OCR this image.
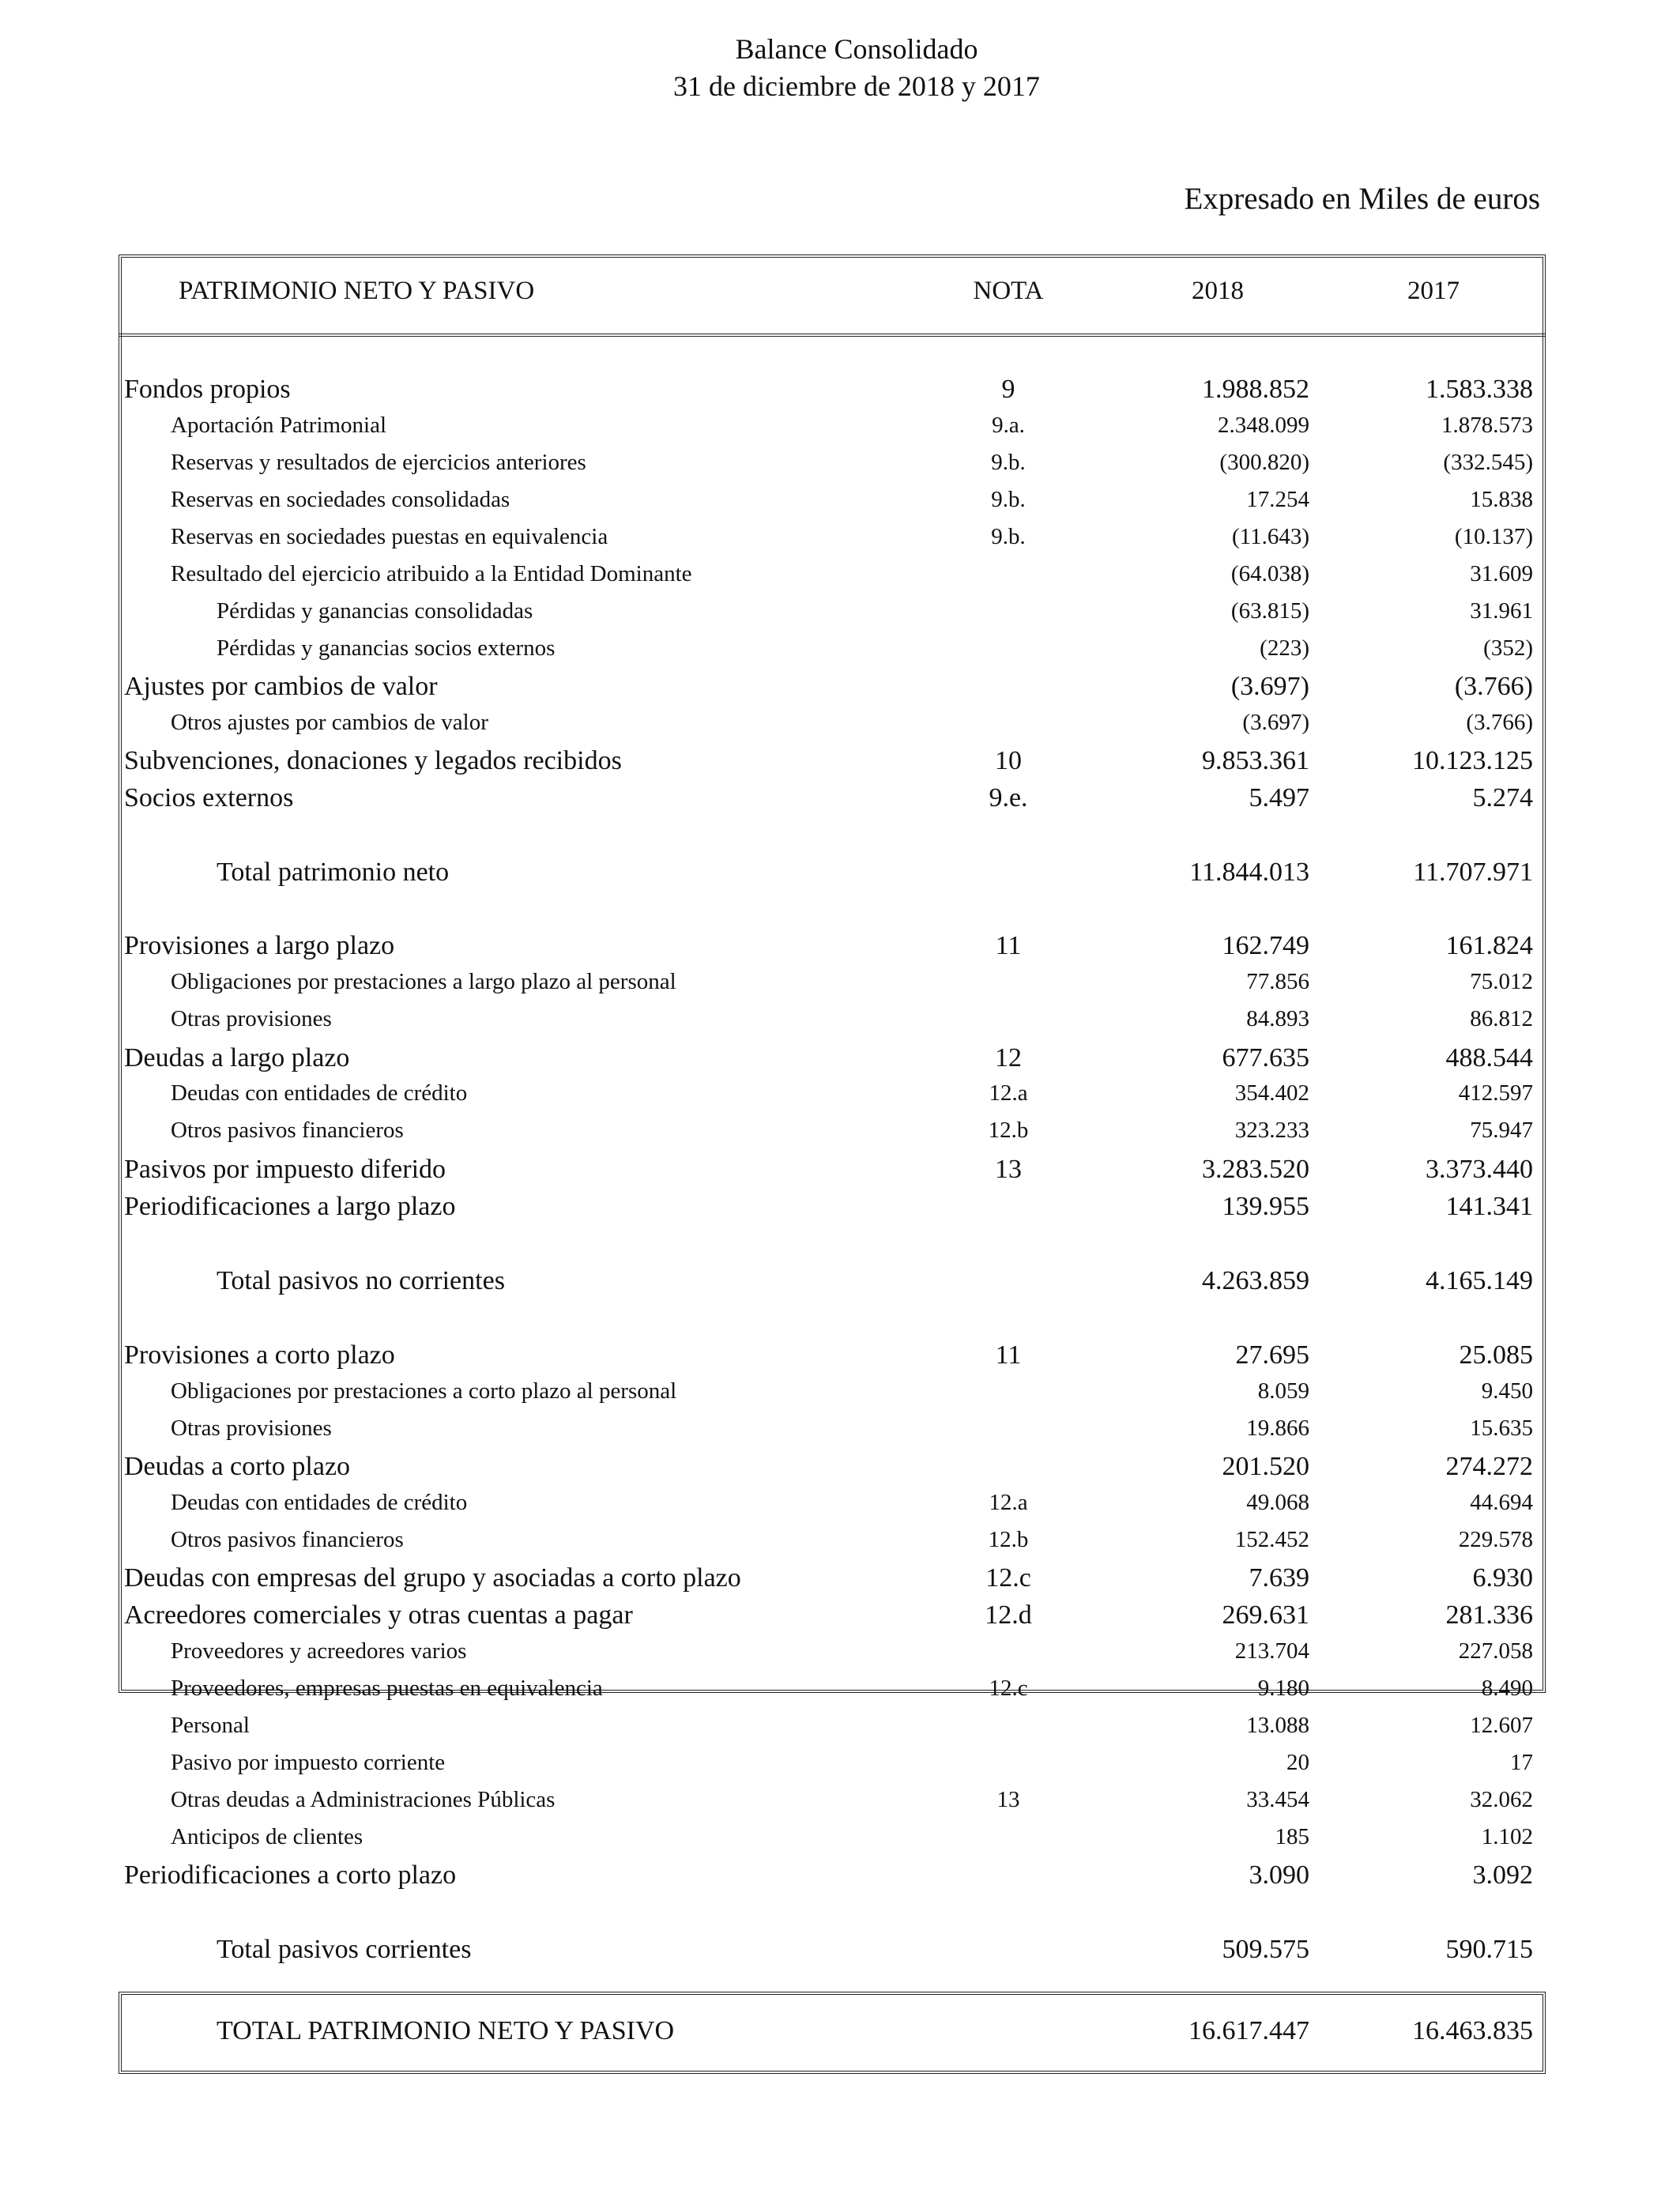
Balance Consolidado
31 de diciembre de 2018 y 2017
Expresado en Miles de euros
PATRIMONIO NETO Y PASIVO	NOTA	2018	2017
Fondos propios	9	1.988.852	1.583.338
Aportación Patrimonial	9.a.	2.348.099	1.878.573
Reservas y resultados de ejercicios anteriores	9.b.	(300.820)	(332.545)
Reservas en sociedades consolidadas	9.b.	17.254	15.838
Reservas en sociedades puestas en equivalencia	9.b.	(11.643)	(10.137)
Resultado del ejercicio atribuido a la Entidad Dominante	(64.038)	31.609
Pérdidas y ganancias consolidadas	(63.815)	31.961
Pérdidas y ganancias socios externos	(223)	(352)
Ajustes por cambios de valor	(3.697)	(3.766)
Otros ajustes por cambios de valor	(3.697)	(3.766)
Subvenciones, donaciones y legados recibidos	10	9.853.361	10.123.125
Socios externos	9.e.	5.497	5.274
Total patrimonio neto	11.844.013	11.707.971
Provisiones a largo plazo	11	162.749	161.824
Obligaciones por prestaciones a largo plazo al personal	77.856	75.012
Otras provisiones	84.893	86.812
Deudas a largo plazo	12	677.635	488.544
Deudas con entidades de crédito	12.a	354.402	412.597
Otros pasivos financieros	12.b	323.233	75.947
Pasivos por impuesto diferido	13	3.283.520	3.373.440
Periodificaciones a largo plazo	139.955	141.341
Total pasivos no corrientes	4.263.859	4.165.149
Provisiones a corto plazo	11	27.695	25.085
Obligaciones por prestaciones a corto plazo al personal	8.059	9.450
Otras provisiones	19.866	15.635
Deudas a corto plazo	201.520	274.272
Deudas con entidades de crédito	12.a	49.068	44.694
Otros pasivos financieros	12.b	152.452	229.578
Deudas con empresas del grupo y asociadas a corto plazo	12.c	7.639	6.930
Acreedores comerciales y otras cuentas a pagar	12.d	269.631	281.336
Proveedores y acreedores varios	213.704	227.058
Proveedores, empresas puestas en equivalencia	12.c	9.180	8.490
Personal	13.088	12.607
Pasivo por impuesto corriente	20	17
Otras deudas a Administraciones Públicas	13	33.454	32.062
Anticipos de clientes	185	1.102
Periodificaciones a corto plazo	3.090	3.092
Total pasivos corrientes	509.575	590.715
TOTAL PATRIMONIO NETO Y PASIVO	16.617.447	16.463.835
